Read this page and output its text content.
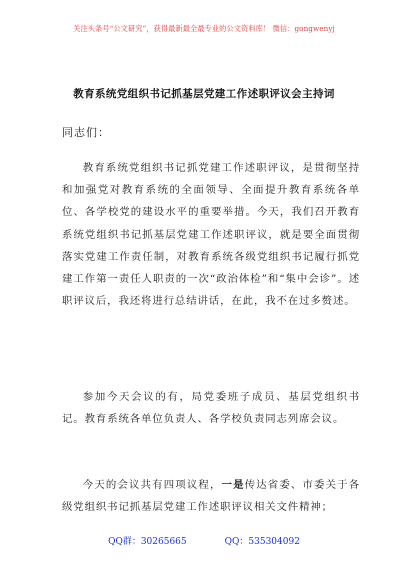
关注头条号“公文研究”，获得最新最全最专业的公文资料库！ 微信：gongwenyj
教育系统党组织书记抓基层党建工作述职评议会主持词
同志们：
教育系统党组织书记抓党建工作述职评议，是贯彻坚持和加强党对教育系统的全面领导、全面提升教育系统各单位、各学校党的建设水平的重要举措。今天，我们召开教育系统党组织书记抓基层党建工作述职评议，就是要全面贯彻落实党建工作责任制，对教育系统各级党组织书记履行抓党建工作第一责任人职责的一次“政治体检”和“集中会诊”。述职评议后，我还将进行总结讲话，在此，我不在过多赘述。
参加今天会议的有，局党委班子成员、基层党组织书记。教育系统各单位负责人、各学校负责同志列席会议。
今天的会议共有四项议程，一是传达省委、市委关于各级党组织书记抓基层党建工作述职评议相关文件精神；
QQ群：30265665	QQ：535304092
